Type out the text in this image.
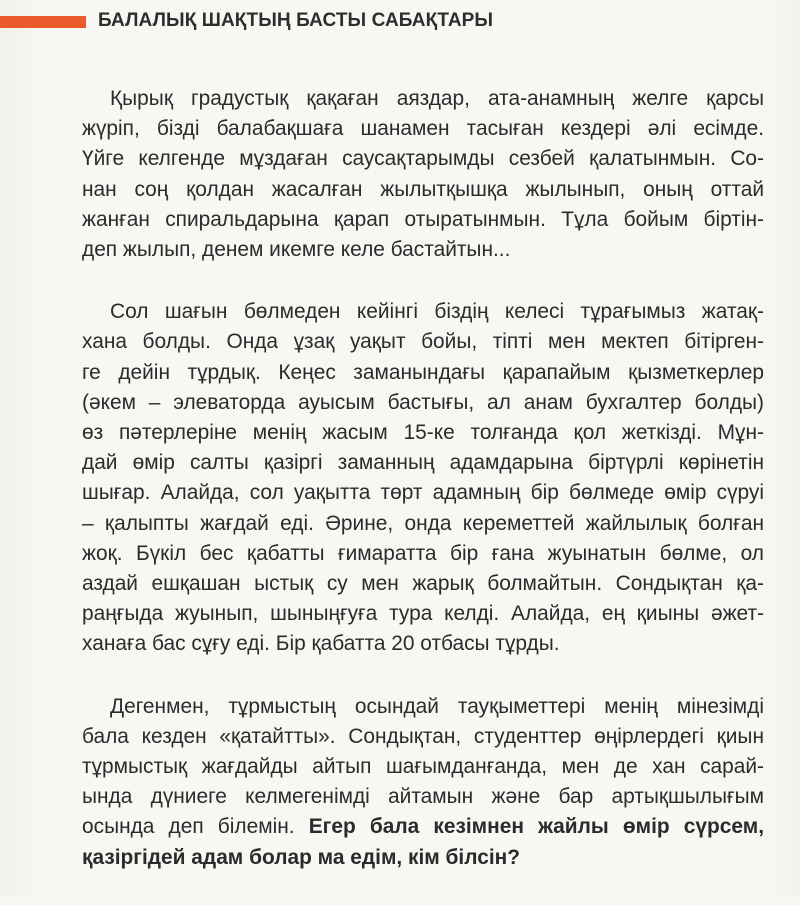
БАЛАЛЫҚ ШАҚТЫҢ БАСТЫ САБАҚТАРЫ

Қырық градустық қақаған аяздар, ата-анамның желге қарсы
жүріп, бізді балабақшаға шанамен тасыған кездері әлі есімде.
Үйге келгенде мұздаған саусақтарымды сезбей қалатынмын. Со-
нан соң қолдан жасалған жылытқышқа жылынып, оның оттай
жанған спиральдарына қарап отыратынмын. Тұла бойым біртін-
деп жылып, денем икемге келе бастайтын...

Сол шағын бөлмеден кейінгі біздің келесі тұрағымыз жатақ-
хана болды. Онда ұзақ уақыт бойы, тіпті мен мектеп бітірген-
ге дейін тұрдық. Кеңес заманындағы қарапайым қызметкерлер
(әкем – элеваторда ауысым бастығы, ал анам бухгалтер болды)
өз пәтерлеріне менің жасым 15-ке толғанда қол жеткізді. Мұн-
дай өмір салты қазіргі заманның адамдарына біртүрлі көрінетін
шығар. Алайда, сол уақытта төрт адамның бір бөлмеде өмір сүруі
– қалыпты жағдай еді. Әрине, онда кереметтей жайлылық болған
жоқ. Бүкіл бес қабатты ғимаратта бір ғана жуынатын бөлме, ол
аздай ешқашан ыстық су мен жарық болмайтын. Сондықтан қа-
раңғыда жуынып, шыныңғуға тура келді. Алайда, ең қиыны әжет-
ханаға бас сұғу еді. Бір қабатта 20 отбасы тұрды.

Дегенмен, тұрмыстың осындай тауқыметтері менің мінезімді
бала кезден «қатайтты». Сондықтан, студенттер өңірлердегі қиын
тұрмыстық жағдайды айтып шағымданғанда, мен де хан сарай-
ында дүниеге келмегенімді айтамын және бар артықшылығым
осында деп білемін. Егер бала кезімнен жайлы өмір сүрсем,
қазіргідей адам болар ма едім, кім білсін?
